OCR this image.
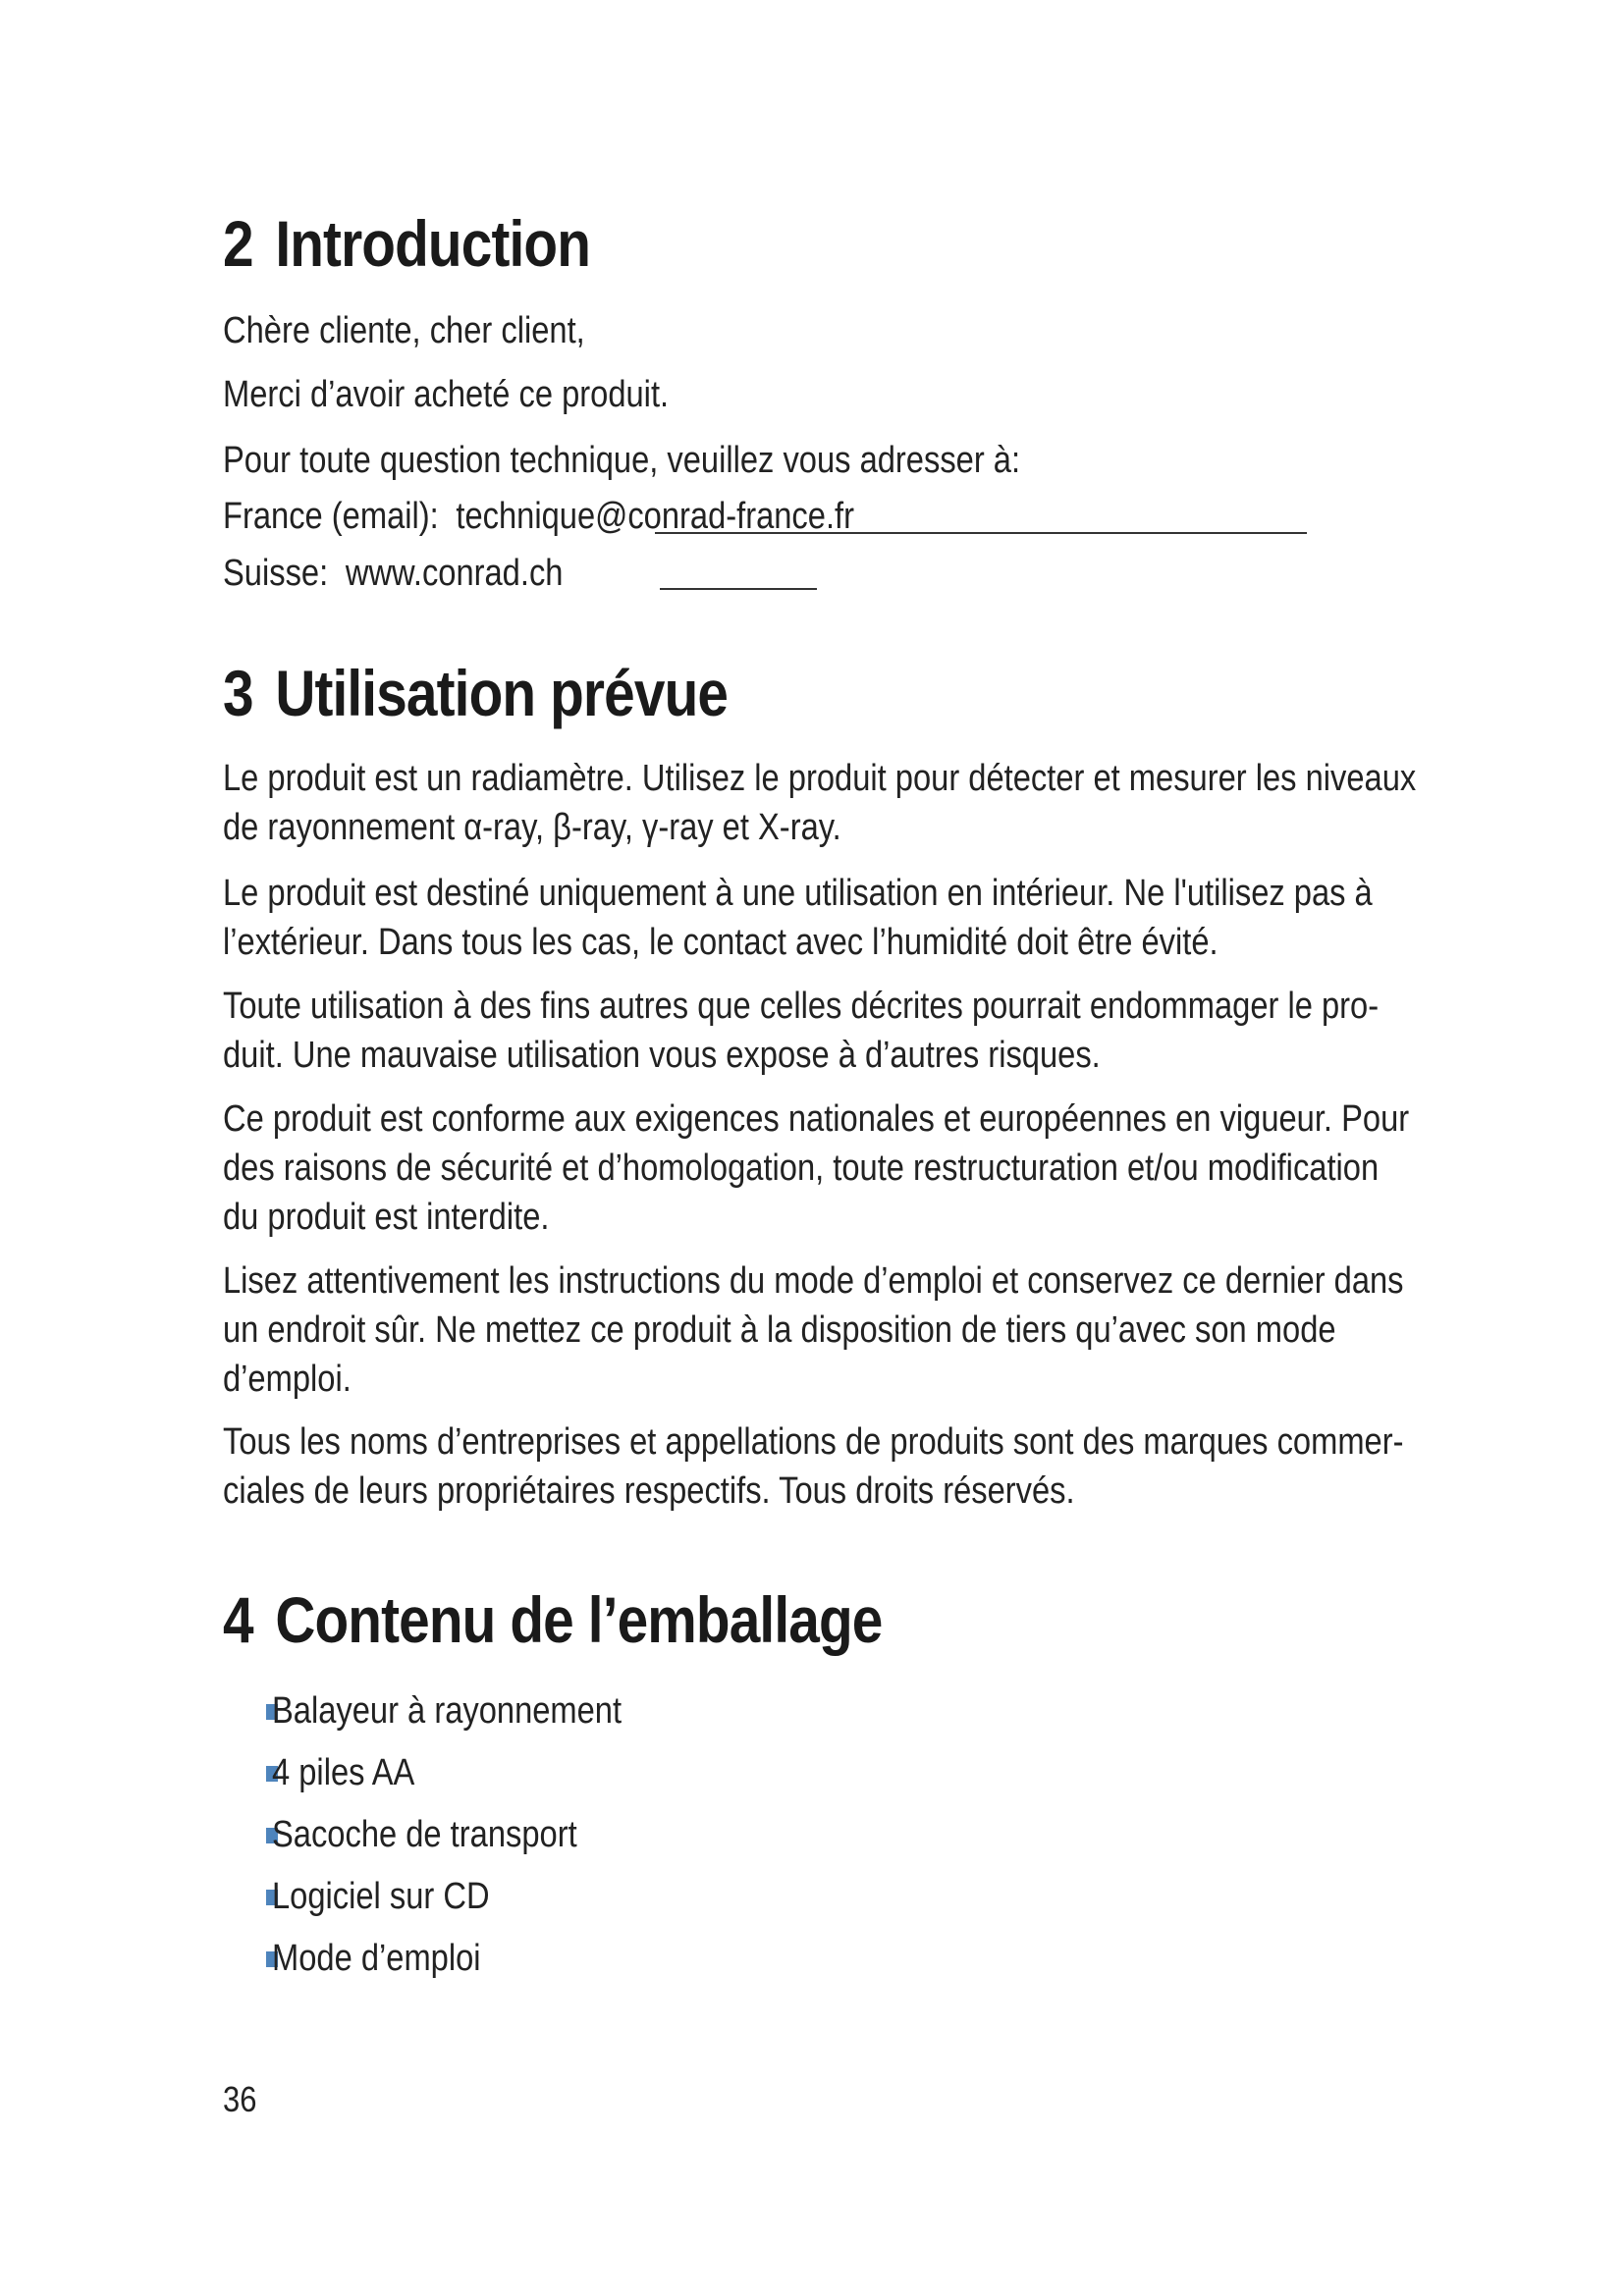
2 Introduction

Chère cliente, cher client,

Merci d’avoir acheté ce produit.

Pour toute question technique, veuillez vous adresser à:

France (email): technique@conrad-france.fr
Suisse: www.conrad.ch
3 Utilisation prévue

Le produit est un radiamètre. Utilisez le produit pour détecter et mesurer les niveaux
de rayonnement α-ray, β-ray, γ-ray et X-ray.

Le produit est destiné uniquement à une utilisation en intérieur. Ne l'utilisez pas à
l’extérieur. Dans tous les cas, le contact avec l’humidité doit être évité.

Toute utilisation à des fins autres que celles décrites pourrait endommager le pro-
duit. Une mauvaise utilisation vous expose à d’autres risques.

Ce produit est conforme aux exigences nationales et européennes en vigueur. Pour
des raisons de sécurité et d’homologation, toute restructuration et/ou modification
du produit est interdite.

Lisez attentivement les instructions du mode d’emploi et conservez ce dernier dans
un endroit sûr. Ne mettez ce produit à la disposition de tiers qu’avec son mode
d’emploi.

Tous les noms d’entreprises et appellations de produits sont des marques commer-
ciales de leurs propriétaires respectifs. Tous droits réservés.

4 Contenu de l’emballage
Balayeur à rayonnement
4 piles AA
Sacoche de transport
Logiciel sur CD
Mode d’emploi
36
